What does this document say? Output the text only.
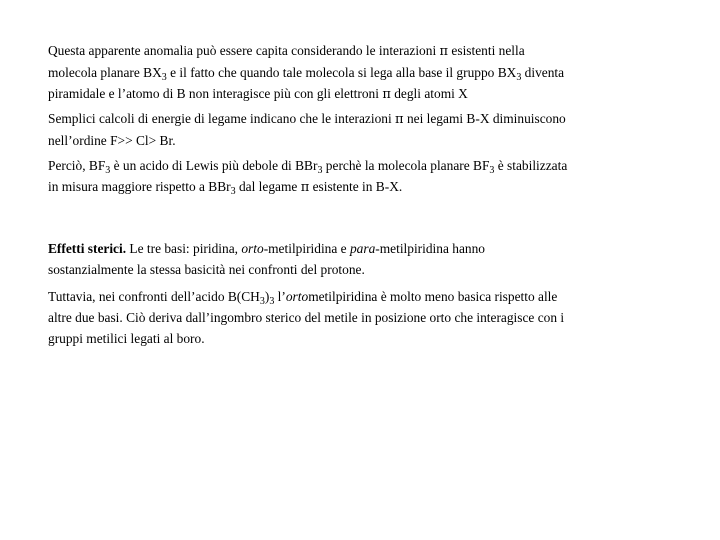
Questa apparente anomalia può essere capita considerando le interazioni π esistenti nella
molecola planare $BX_3$ e il fatto che quando tale molecola si lega alla base il gruppo $BX_3$ diventa
piramidale e l’atomo di B non interagisce più con gli elettroni π degli atomi X

Semplici calcoli di energie di legame indicano che le interazioni π nei legami B-X diminuiscono
nell’ordine F>> Cl> Br.

Perciò, $BF_3$ è un acido di Lewis più debole di BBr$_3$ perchè la molecola planare $BF_3$ è stabilizzata
in misura maggiore rispetto a BBr$_3$ dal legame π esistente in B-X.

Effetti sterici. Le tre basi: piridina, orto-metilpiridina e para-metilpiridina hanno
sostanzialmente la stessa basicità nei confronti del protone.

Tuttavia, nei confronti dell’acido $B(CH_3)_3$ l’ortometilpiridina è molto meno basica rispetto alle
altre due basi. Ciò deriva dall’ingombro sterico del metile in posizione orto che interagisce con i
gruppi metilici legati al boro.
